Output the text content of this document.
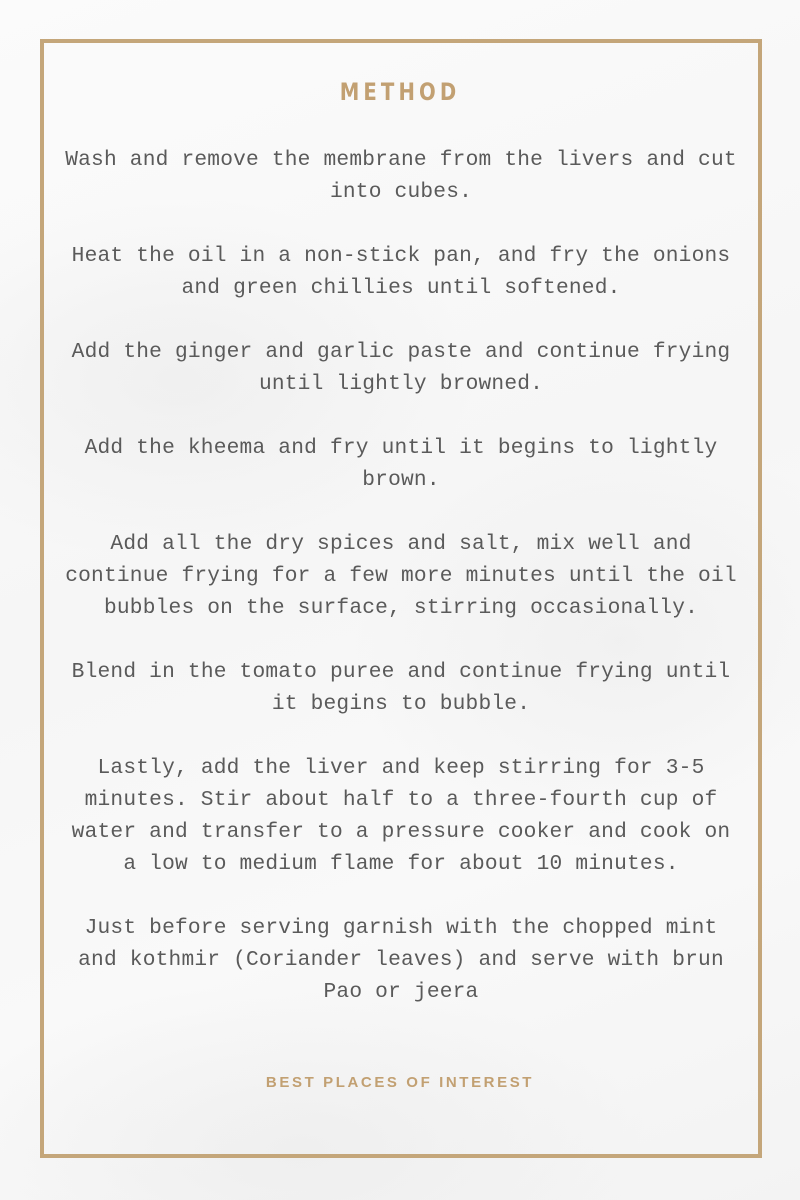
METHOD

Wash and remove the membrane from the livers and cut into cubes.

Heat the oil in a non-stick pan, and fry the onions and green chillies until softened.

Add the ginger and garlic paste and continue frying until lightly browned.

Add the kheema and fry until it begins to lightly brown.

Add all the dry spices and salt, mix well and continue frying for a few more minutes until the oil bubbles on the surface, stirring occasionally.

Blend in the tomato puree and continue frying until it begins to bubble.

Lastly, add the liver and keep stirring for 3-5 minutes. Stir about half to a three-fourth cup of water and transfer to a pressure cooker and cook on a low to medium flame for about 10 minutes.

Just before serving garnish with the chopped mint and kothmir (Coriander leaves) and serve with brun Pao or jeera

BEST PLACES OF INTEREST
